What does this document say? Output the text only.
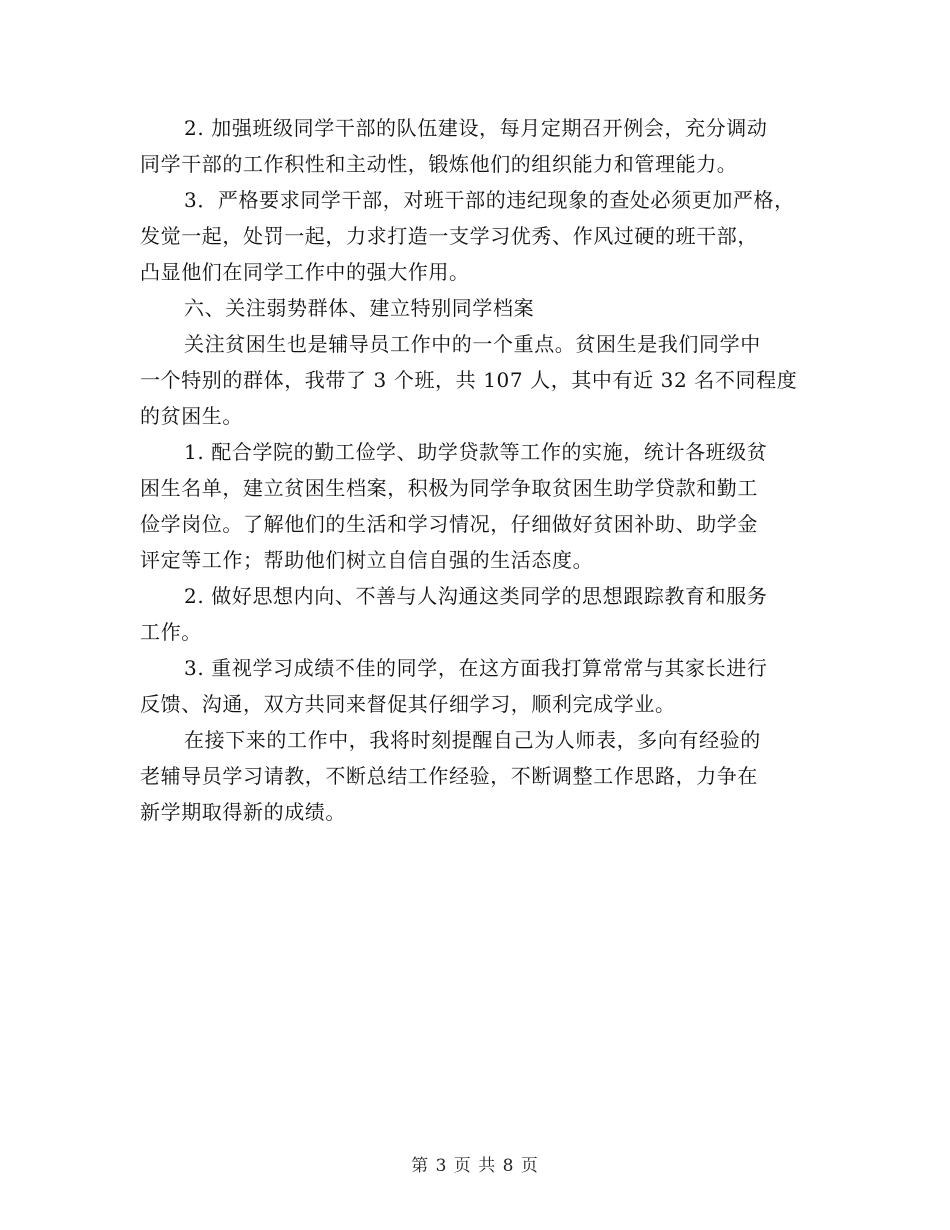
2. 加强班级同学干部的队伍建设，每月定期召开例会，充分调动
同学干部的工作积性和主动性，锻炼他们的组织能力和管理能力。
3．严格要求同学干部，对班干部的违纪现象的查处必须更加严格，
发觉一起，处罚一起，力求打造一支学习优秀、作风过硬的班干部，
凸显他们在同学工作中的强大作用。
六、关注弱势群体、建立特别同学档案
关注贫困生也是辅导员工作中的一个重点。贫困生是我们同学中
一个特别的群体，我带了 3 个班，共 107 人，其中有近 32 名不同程度
的贫困生。
1. 配合学院的勤工俭学、助学贷款等工作的实施，统计各班级贫
困生名单，建立贫困生档案，积极为同学争取贫困生助学贷款和勤工
俭学岗位。了解他们的生活和学习情况，仔细做好贫困补助、助学金
评定等工作；帮助他们树立自信自强的生活态度。
2. 做好思想内向、不善与人沟通这类同学的思想跟踪教育和服务
工作。
3. 重视学习成绩不佳的同学，在这方面我打算常常与其家长进行
反馈、沟通，双方共同来督促其仔细学习，顺利完成学业。
在接下来的工作中，我将时刻提醒自己为人师表，多向有经验的
老辅导员学习请教，不断总结工作经验，不断调整工作思路，力争在
新学期取得新的成绩。
第 3 页 共 8 页
